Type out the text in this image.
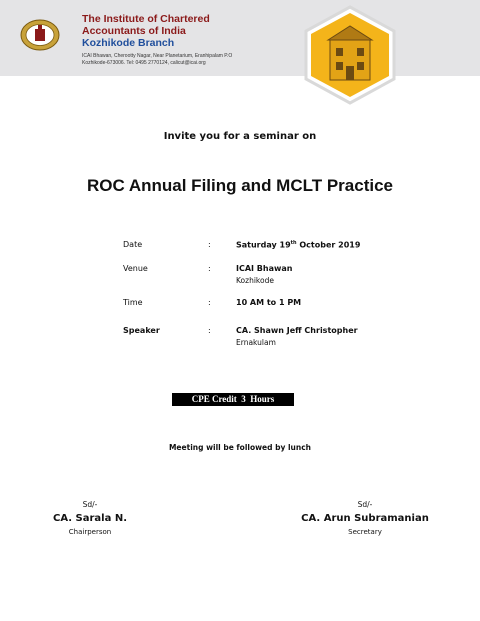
The Institute of Chartered
Accountants of India
Kozhikode Branch
ICAI Bhawan, Cherootty Nagar, Near Planetarium, Eranhipalam P.O
Kozhikode-673006. Tel: 0495 2770124, calicut@icai.org
Invite you for a seminar on
ROC Annual Filing and MCLT Practice
Date	:	Saturday 19th October 2019
Venue	:	ICAI Bhawan
Kozhikode
Time	:	10 AM to 1 PM
Speaker	:	CA. Shawn Jeff Christopher
Ernakulam
CPE Credit  3  Hours
Meeting will be followed by lunch
Sd/-
CA. Sarala N.
Chairperson
Sd/-
CA. Arun Subramanian
Secretary
